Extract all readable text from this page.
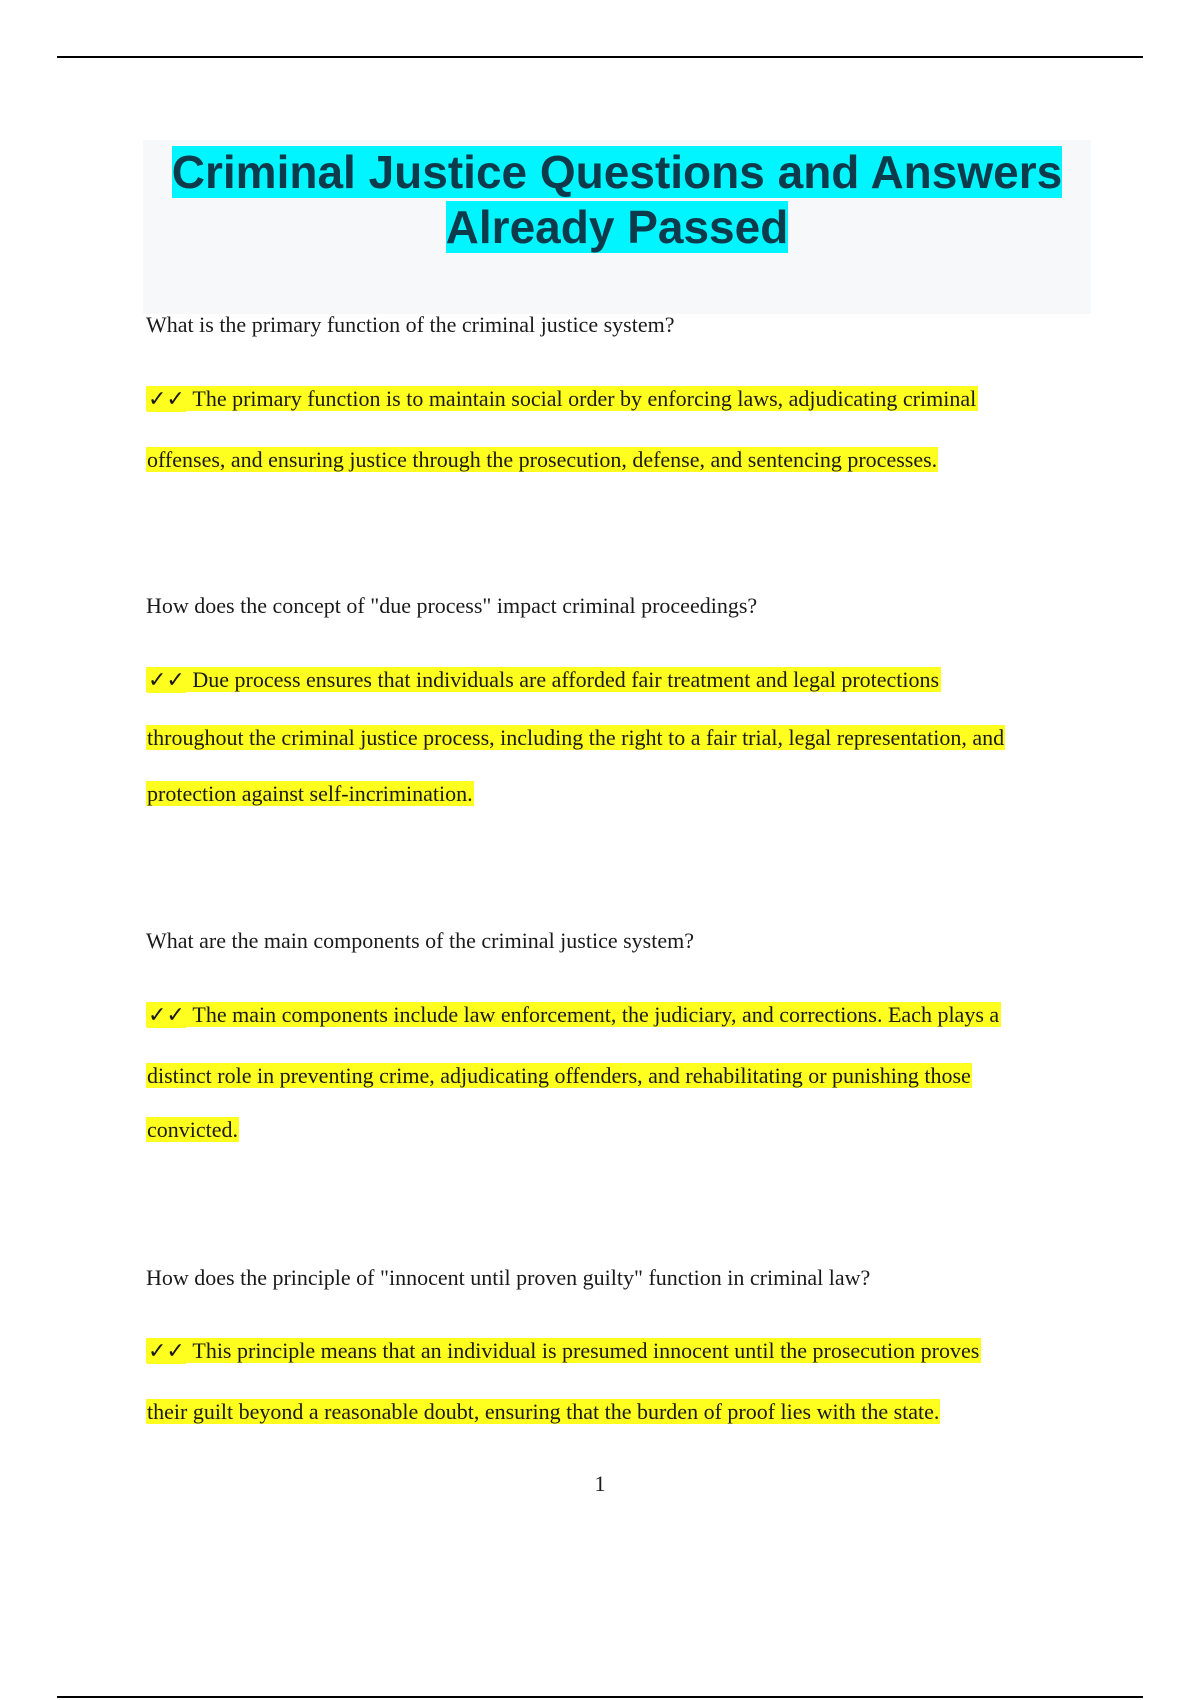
Criminal Justice Questions and Answers
Already Passed

What is the primary function of the criminal justice system?

✓✓ The primary function is to maintain social order by enforcing laws, adjudicating criminal
offenses, and ensuring justice through the prosecution, defense, and sentencing processes.

How does the concept of "due process" impact criminal proceedings?

✓✓ Due process ensures that individuals are afforded fair treatment and legal protections
throughout the criminal justice process, including the right to a fair trial, legal representation, and
protection against self-incrimination.

What are the main components of the criminal justice system?

✓✓ The main components include law enforcement, the judiciary, and corrections. Each plays a
distinct role in preventing crime, adjudicating offenders, and rehabilitating or punishing those
convicted.

How does the principle of "innocent until proven guilty" function in criminal law?

✓✓ This principle means that an individual is presumed innocent until the prosecution proves
their guilt beyond a reasonable doubt, ensuring that the burden of proof lies with the state.
1
